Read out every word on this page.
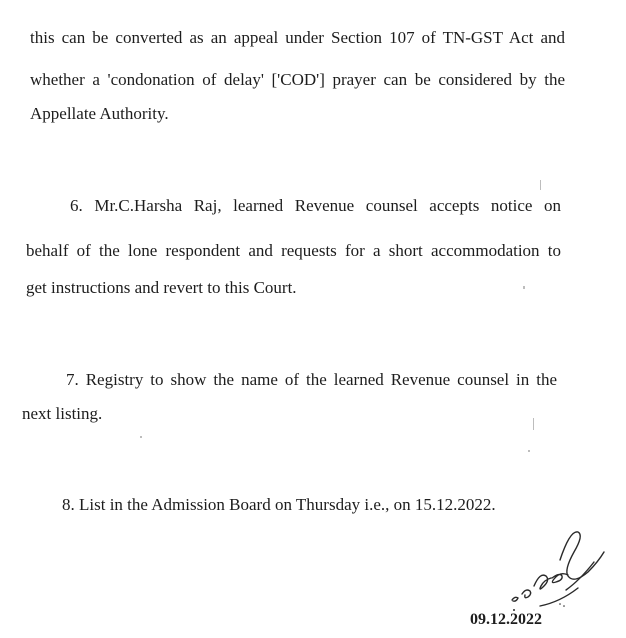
this can be converted as an appeal under Section 107 of TN-GST Act and

whether a 'condonation of delay' ['COD'] prayer can be considered by the

Appellate Authority.

6. Mr.C.Harsha Raj, learned Revenue counsel accepts notice on

behalf of the lone respondent and requests for a short accommodation to

get instructions and revert to this Court.

7. Registry to show the name of the learned Revenue counsel in the

next listing.

8. List in the Admission Board on Thursday i.e., on 15.12.2022.

09.12.2022
